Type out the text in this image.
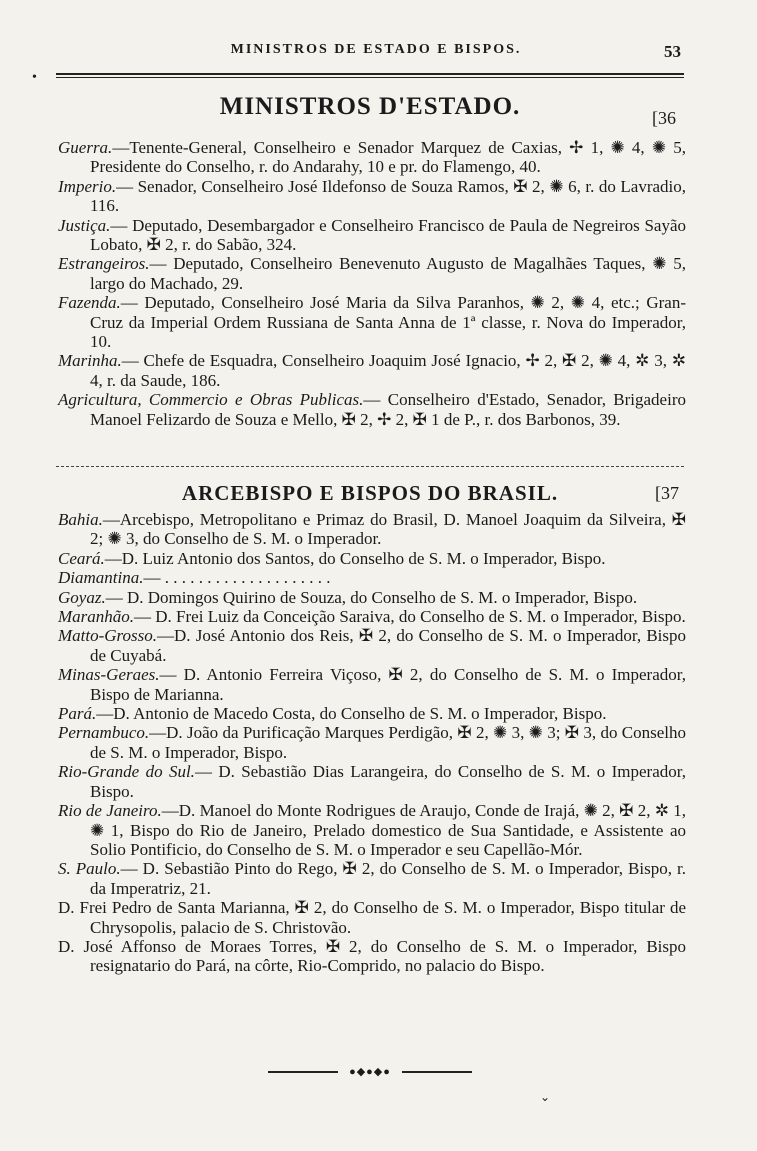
•
MINISTROS DE ESTADO E BISPOS.	53
MINISTROS D'ESTADO.	[36

Guerra.—Tenente-General, Conselheiro e Senador Marquez de Caxias, ✢ 1, ✺ 4, ✺ 5, Presidente do Conselho, r. do Andarahy, 10 e pr. do Flamengo, 40.

Imperio.— Senador, Conselheiro José Ildefonso de Souza Ramos, ✠ 2, ✺ 6, r. do Lavradio, 116.

Justiça.— Deputado, Desembargador e Conselheiro Francisco de Paula de Negreiros Sayão Lobato, ✠ 2, r. do Sabão, 324.

Estrangeiros.— Deputado, Conselheiro Benevenuto Augusto de Magalhães Taques, ✺ 5, largo do Machado, 29.

Fazenda.— Deputado, Conselheiro José Maria da Silva Paranhos, ✺ 2, ✺ 4, etc.; Gran-Cruz da Imperial Ordem Russiana de Santa Anna de 1ª classe, r. Nova do Imperador, 10.

Marinha.— Chefe de Esquadra, Conselheiro Joaquim José Ignacio, ✢ 2, ✠ 2, ✺ 4, ✲ 3, ✲ 4, r. da Saude, 186.

Agricultura, Commercio e Obras Publicas.— Conselheiro d'Estado, Senador, Brigadeiro Manoel Felizardo de Souza e Mello, ✠ 2, ✢ 2, ✠ 1 de P., r. dos Barbonos, 39.

ARCEBISPO E BISPOS DO BRASIL.	[37

Bahia.—Arcebispo, Metropolitano e Primaz do Brasil, D. Manoel Joaquim da Silveira, ✠ 2; ✺ 3, do Conselho de S. M. o Imperador.

Ceará.—D. Luiz Antonio dos Santos, do Conselho de S. M. o Imperador, Bispo.

Diamantina.— . . . . . . . . . . . . . . . . . . . .

Goyaz.— D. Domingos Quirino de Souza, do Conselho de S. M. o Imperador, Bispo.

Maranhão.— D. Frei Luiz da Conceição Saraiva, do Conselho de S. M. o Imperador, Bispo.

Matto-Grosso.—D. José Antonio dos Reis, ✠ 2, do Conselho de S. M. o Imperador, Bispo de Cuyabá.

Minas-Geraes.— D. Antonio Ferreira Viçoso, ✠ 2, do Conselho de S. M. o Imperador, Bispo de Marianna.

Pará.—D. Antonio de Macedo Costa, do Conselho de S. M. o Imperador, Bispo.

Pernambuco.—D. João da Purificação Marques Perdigão, ✠ 2, ✺ 3, ✺ 3; ✠ 3, do Conselho de S. M. o Imperador, Bispo.

Rio-Grande do Sul.— D. Sebastião Dias Larangeira, do Conselho de S. M. o Imperador, Bispo.

Rio de Janeiro.—D. Manoel do Monte Rodrigues de Araujo, Conde de Irajá, ✺ 2, ✠ 2, ✲ 1, ✺ 1, Bispo do Rio de Janeiro, Prelado domestico de Sua Santidade, e Assistente ao Solio Pontificio, do Conselho de S. M. o Imperador e seu Capellão-Mór.

S. Paulo.— D. Sebastião Pinto do Rego, ✠ 2, do Conselho de S. M. o Imperador, Bispo, r. da Imperatriz, 21.

D. Frei Pedro de Santa Marianna, ✠ 2, do Conselho de S. M. o Imperador, Bispo titular de Chrysopolis, palacio de S. Christovão.

D. José Affonso de Moraes Torres, ✠ 2, do Conselho de S. M. o Imperador, Bispo resignatario do Pará, na côrte, Rio-Comprido, no palacio do Bispo.

●◆●◆●
⌄
